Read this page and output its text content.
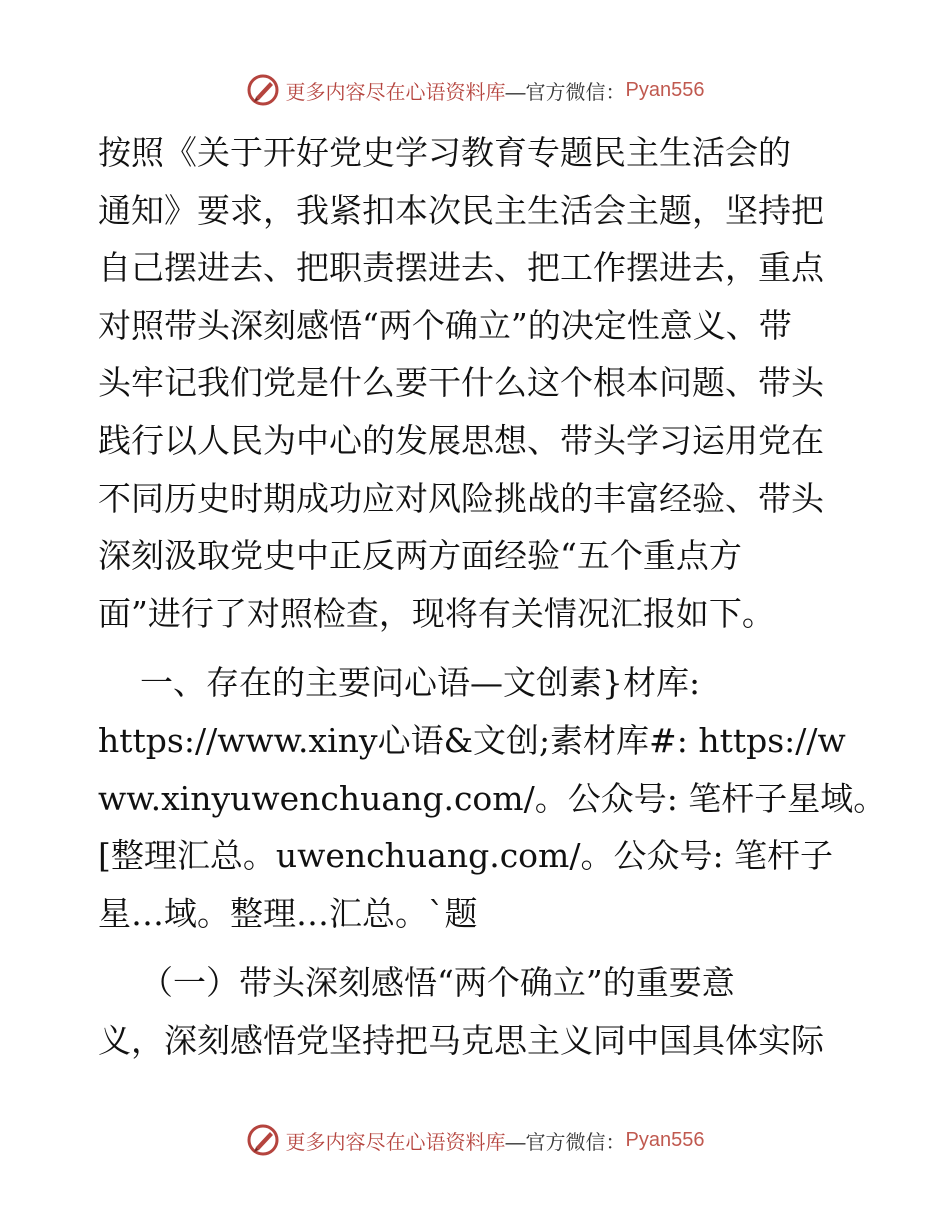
更多内容尽在心语资料库 —官方微信： Pyan556
按照《关于开好党史学习教育专题民主生活会的
通知》要求，我紧扣本次民主生活会主题，坚持把
自己摆进去、把职责摆进去、把工作摆进去，重点
对照带头深刻感悟“两个确立”的决定性意义、带
头牢记我们党是什么要干什么这个根本问题、带头
践行以人民为中心的发展思想、带头学习运用党在
不同历史时期成功应对风险挑战的丰富经验、带头
深刻汲取党史中正反两方面经验“五个重点方
面”进行了对照检查，现将有关情况汇报如下。
一、存在的主要问心语—文创素}材库:
https://www.xiny心语&文创;素材库#: https://w
ww.xinyuwenchuang.com/。公众号: 笔杆子星域。
[整理汇总。uwenchuang.com/。公众号: 笔杆子
星…域。整理…汇总。`题
（一）带头深刻感悟“两个确立”的重要意
义，深刻感悟党坚持把马克思主义同中国具体实际
更多内容尽在心语资料库 —官方微信： Pyan556
